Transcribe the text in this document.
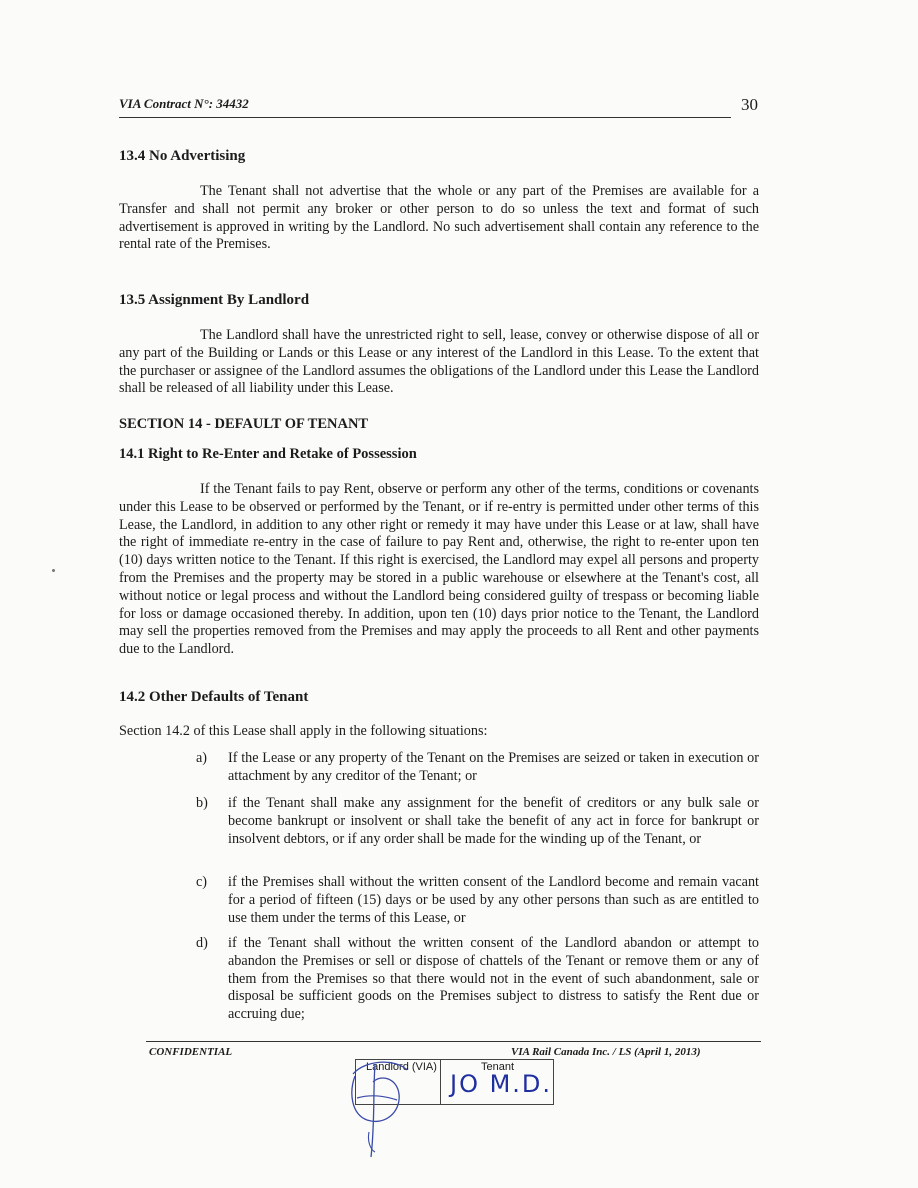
VIA Contract N°: 34432	30
13.4 No Advertising

The Tenant shall not advertise that the whole or any part of the Premises are available for a Transfer and shall not permit any broker or other person to do so unless the text and format of such advertisement is approved in writing by the Landlord. No such advertisement shall contain any reference to the rental rate of the Premises.

13.5 Assignment By Landlord

The Landlord shall have the unrestricted right to sell, lease, convey or otherwise dispose of all or any part of the Building or Lands or this Lease or any interest of the Landlord in this Lease. To the extent that the purchaser or assignee of the Landlord assumes the obligations of the Landlord under this Lease the Landlord shall be released of all liability under this Lease.

SECTION 14 - DEFAULT OF TENANT
14.1 Right to Re-Enter and Retake of Possession

If the Tenant fails to pay Rent, observe or perform any other of the terms, conditions or covenants under this Lease to be observed or performed by the Tenant, or if re-entry is permitted under other terms of this Lease, the Landlord, in addition to any other right or remedy it may have under this Lease or at law, shall have the right of immediate re-entry in the case of failure to pay Rent and, otherwise, the right to re-enter upon ten (10) days written notice to the Tenant. If this right is exercised, the Landlord may expel all persons and property from the Premises and the property may be stored in a public warehouse or elsewhere at the Tenant's cost, all without notice or legal process and without the Landlord being considered guilty of trespass or becoming liable for loss or damage occasioned thereby. In addition, upon ten (10) days prior notice to the Tenant, the Landlord may sell the properties removed from the Premises and may apply the proceeds to all Rent and other payments due to the Landlord.

14.2 Other Defaults of Tenant
Section 14.2 of this Lease shall apply in the following situations:
a) If the Lease or any property of the Tenant on the Premises are seized or taken in execution or attachment by any creditor of the Tenant; or
b) if the Tenant shall make any assignment for the benefit of creditors or any bulk sale or become bankrupt or insolvent or shall take the benefit of any act in force for bankrupt or insolvent debtors, or if any order shall be made for the winding up of the Tenant, or
c) if the Premises shall without the written consent of the Landlord become and remain vacant for a period of fifteen (15) days or be used by any other persons than such as are entitled to use them under the terms of this Lease, or
d) if the Tenant shall without the written consent of the Landlord abandon or attempt to abandon the Premises or sell or dispose of chattels of the Tenant or remove them or any of them from the Premises so that there would not in the event of such abandonment, sale or disposal be sufficient goods on the Premises subject to distress to satisfy the Rent due or accruing due;
CONFIDENTIAL	VIA Rail Canada Inc. / LS (April 1, 2013)
Landlord (VIA)	Tenant
JO M.D.
